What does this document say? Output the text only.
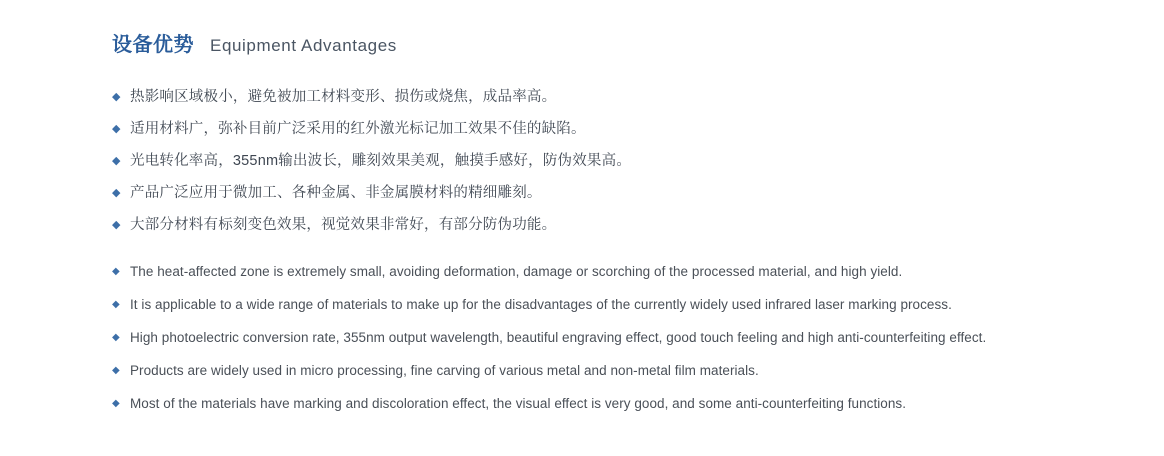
设备优势 Equipment Advantages
◆ 热影响区域极小，避免被加工材料变形、损伤或烧焦，成品率高。
◆ 适用材料广，弥补目前广泛采用的红外激光标记加工效果不佳的缺陷。
◆ 光电转化率高，355nm输出波长，雕刻效果美观，触摸手感好，防伪效果高。
◆ 产品广泛应用于微加工、各种金属、非金属膜材料的精细雕刻。
◆ 大部分材料有标刻变色效果，视觉效果非常好，有部分防伪功能。
◆ The heat-affected zone is extremely small, avoiding deformation, damage or scorching of the processed material, and high yield.
◆ It is applicable to a wide range of materials to make up for the disadvantages of the currently widely used infrared laser marking process.
◆ High photoelectric conversion rate, 355nm output wavelength, beautiful engraving effect, good touch feeling and high anti-counterfeiting effect.
◆ Products are widely used in micro processing, fine carving of various metal and non-metal film materials.
◆ Most of the materials have marking and discoloration effect, the visual effect is very good, and some anti-counterfeiting functions.
